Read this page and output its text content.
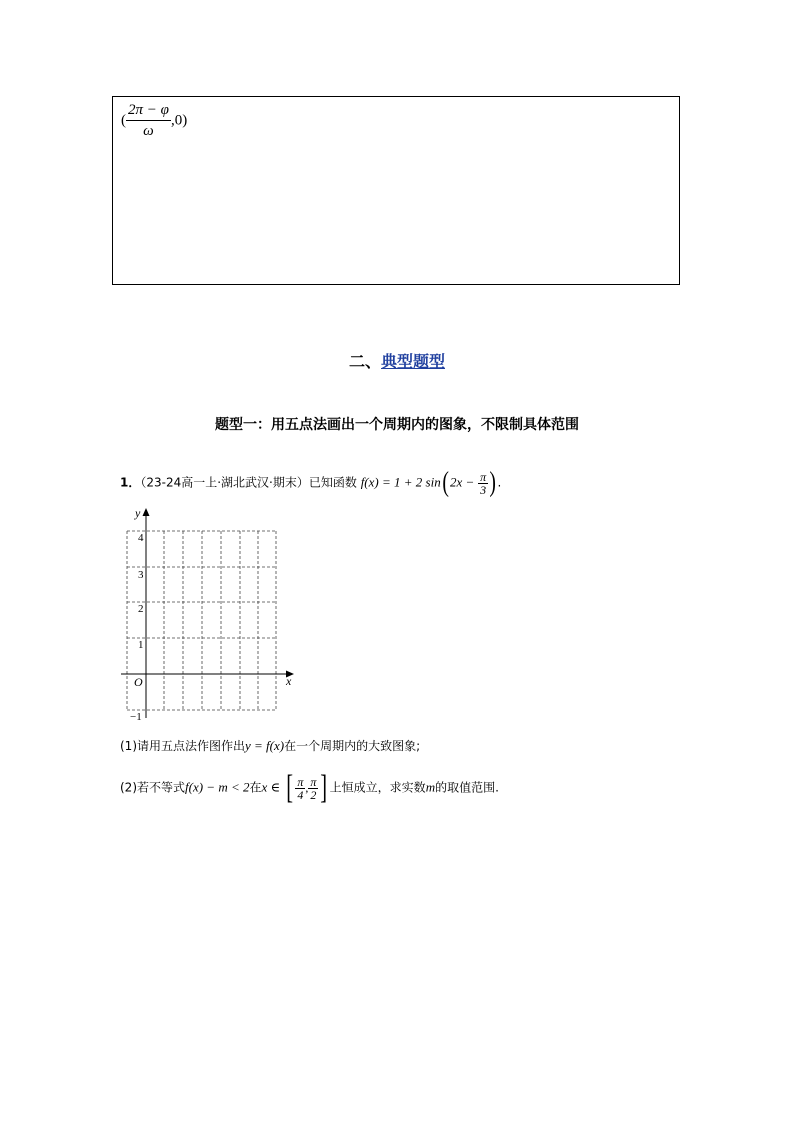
( $\frac{2\pi - \varphi}{\omega} ,0$)
二、典型题型
题型一：用五点法画出一个周期内的图象，不限制具体范围
1．（23-24高一上·湖北武汉·期末）已知函数 f(x) = 1 + 2 $\sin(2x - \frac{\pi}{3}$ ).
y
x
O
4
3
2
1
−1
(1)请用五点法作图作出y = f(x)在一个周期内的大致图象;
(2)若不等式f(x) − m < 2在x ∈ [ $\frac{\pi}{4}$ , $\frac{\pi}{2}$ ] 上恒成立，求实数m的取值范围.
